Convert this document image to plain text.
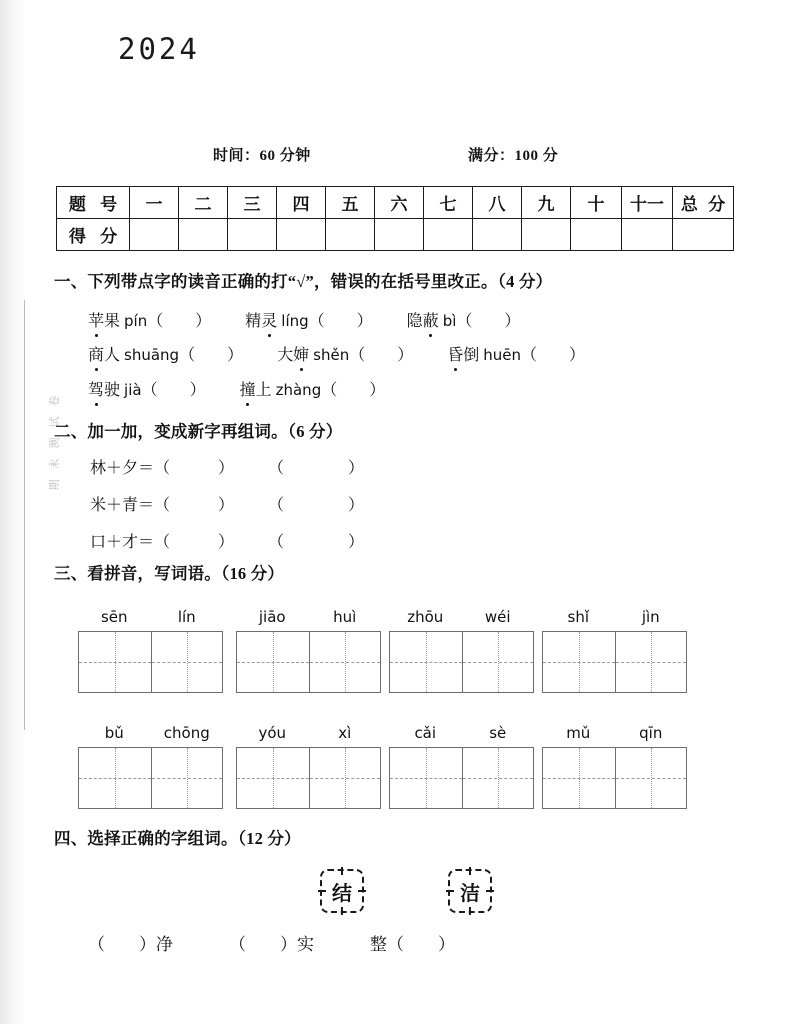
期末测试卷
2024
时间：60 分钟	满分：100 分
题 号	一	二	三	四	五	六	七	八	九	十	十一	总 分
得 分												
一、下列带点字的读音正确的打“√”，错误的在括号里改正。（4 分）
苹果 pín（　　） 精灵 líng（　　） 隐蔽 bì（　　）
商人 shuāng（　　） 大婶 shěn（　　） 昏倒 huēn（　　）
驾驶 jià（　　） 撞上 zhàng（　　）
二、加一加，变成新字再组词。（6 分）
林＋夕＝（　　　） （　　　　）
米＋青＝（　　　） （　　　　）
口＋才＝（　　　） （　　　　）
三、看拼音，写词语。（16 分）
sēn	lín	jiāo	huì	zhōu	wéi	shǐ	jìn
bǔ	chōng	yóu	xì	cǎi	sè	mǔ	qīn
四、选择正确的字组词。（12 分）
结	洁
（　　）净	（　　）实	整（　　）
